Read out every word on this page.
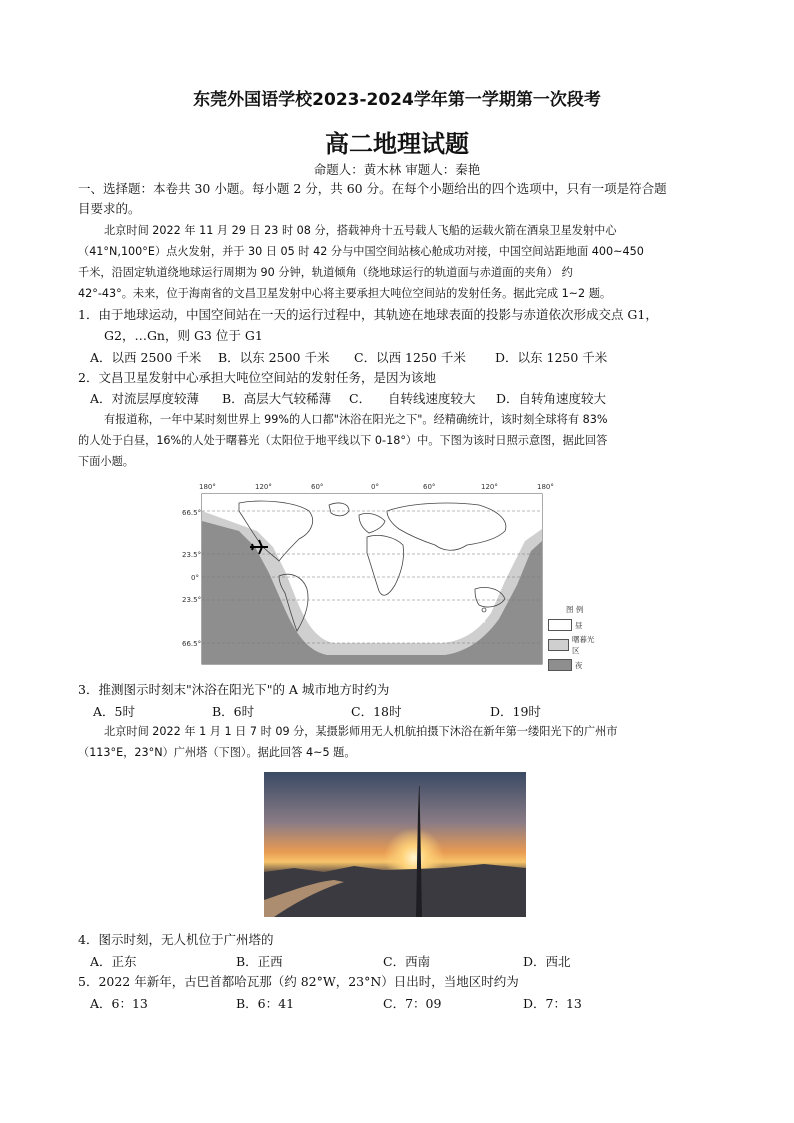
东莞外国语学校2023-2024学年第一学期第一次段考
高二地理试题
命题人：黄木林 审题人：秦艳
一、选择题：本卷共 30 小题。每小题 2 分，共 60 分。在每个小题给出的四个选项中，只有一项是符合题
目要求的。
北京时间 2022 年 11 月 29 日 23 时 08 分，搭载神舟十五号载人飞船的运载火箭在酒泉卫星发射中心
（41°N,100°E）点火发射，并于 30 日 05 时 42 分与中国空间站核心舱成功对接，中国空间站距地面 400~450
千米，沿固定轨道绕地球运行周期为 90 分钟，轨道倾角（绕地球运行的轨道面与赤道面的夹角） 约
42°-43°。未来，位于海南省的文昌卫星发射中心将主要承担大吨位空间站的发射任务。据此完成 1~2 题。
1．由于地球运动，中国空间站在一天的运行过程中，其轨迹在地球表面的投影与赤道依次形成交点 G1，
G2，…Gn，则 G3 位于 G1
A．以西 2500 千米 B．以东 2500 千米 C．以西 1250 千米 D．以东 1250 千米
2．文昌卫星发射中心承担大吨位空间站的发射任务，是因为该地
A．对流层厚度较薄 B．高层大气较稀薄 C． 自转线速度较大 D．自转角速度较大
有报道称，一年中某时刻世界上 99%的人口都"沐浴在阳光之下"。经精确统计，该时刻全球将有 83%
的人处于白昼，16%的人处于曙暮光（太阳位于地平线以下 0-18°）中。下图为该时日照示意图，据此回答
下面小题。
180°	120°	60°	0°	60°	120°	180°
66.5°
23.5°
0°
23.5°
66.5°
A
图 例
昼
曙暮光区
夜
3．推测图示时刻末"沐浴在阳光下"的 A 城市地方时约为
A．5时	B．6时	C．18时	D．19时
北京时间 2022 年 1 月 1 日 7 时 09 分，某摄影师用无人机航拍摄下沐浴在新年第一缕阳光下的广州市
（113°E，23°N）广州塔（下图）。据此回答 4~5 题。
4．图示时刻，无人机位于广州塔的
A．正东	B．正西	C．西南	D．西北
5．2022 年新年，古巴首都哈瓦那（约 82°W，23°N）日出时，当地区时约为
A．6：13	B．6：41	C．7：09	D．7：13
